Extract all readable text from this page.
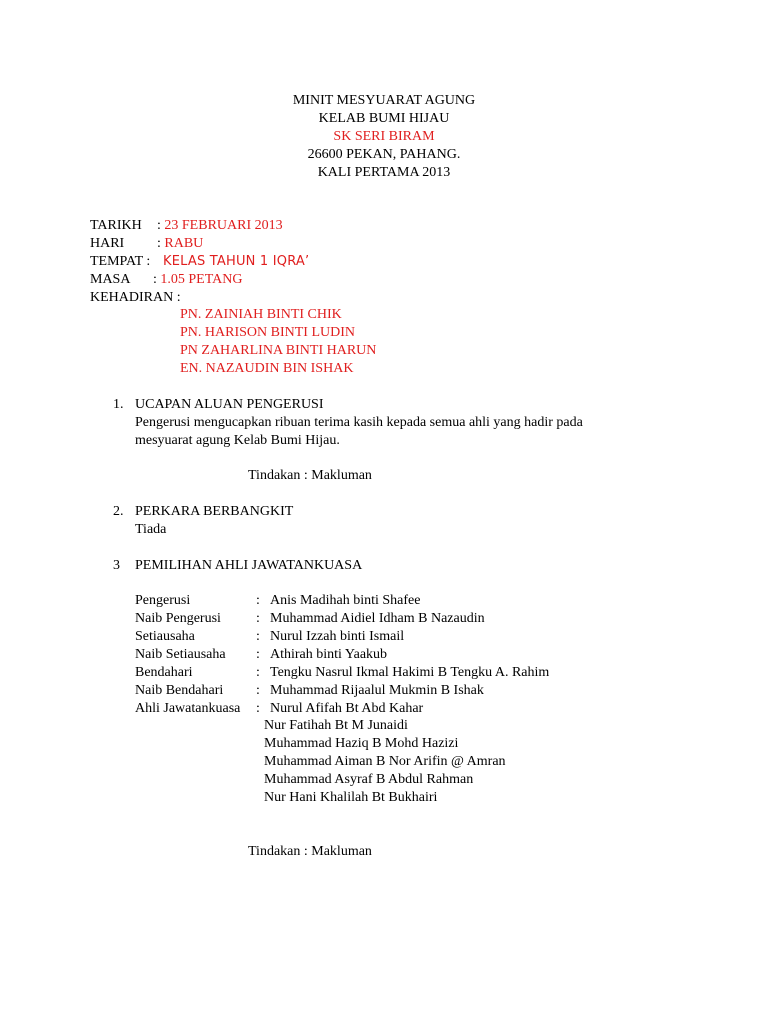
MINIT MESYUARAT AGUNG
KELAB BUMI HIJAU
SK SERI BIRAM
26600 PEKAN, PAHANG.
KALI PERTAMA 2013
TARIKH : 23 FEBRUARI 2013
HARI : RABU
TEMPAT : KELAS TAHUN 1 IQRA’
MASA : 1.05 PETANG
KEHADIRAN :
PN. ZAINIAH BINTI CHIK
PN. HARISON BINTI LUDIN
PN ZAHARLINA BINTI HARUN
EN. NAZAUDIN BIN ISHAK
1. UCAPAN ALUAN PENGERUSI
Pengerusi mengucapkan ribuan terima kasih kepada semua ahli yang hadir pada
mesyuarat agung Kelab Bumi Hijau.
Tindakan : Makluman
2. PERKARA BERBANGKIT
Tiada
3 PEMILIHAN AHLI JAWATANKUASA
Pengerusi	: Anis Madihah binti Shafee
Naib Pengerusi	: Muhammad Aidiel Idham B Nazaudin
Setiausaha	: Nurul Izzah binti Ismail
Naib Setiausaha : Athirah binti Yaakub
Bendahari	: Tengku Nasrul Ikmal Hakimi B Tengku A. Rahim
Naib Bendahari : Muhammad Rijaalul Mukmin B Ishak
Ahli Jawatankuasa : Nurul Afifah Bt Abd Kahar
Nur Fatihah Bt M Junaidi
Muhammad Haziq B Mohd Hazizi
Muhammad Aiman B Nor Arifin @ Amran
Muhammad Asyraf B Abdul Rahman
Nur Hani Khalilah Bt Bukhairi
Tindakan : Makluman
